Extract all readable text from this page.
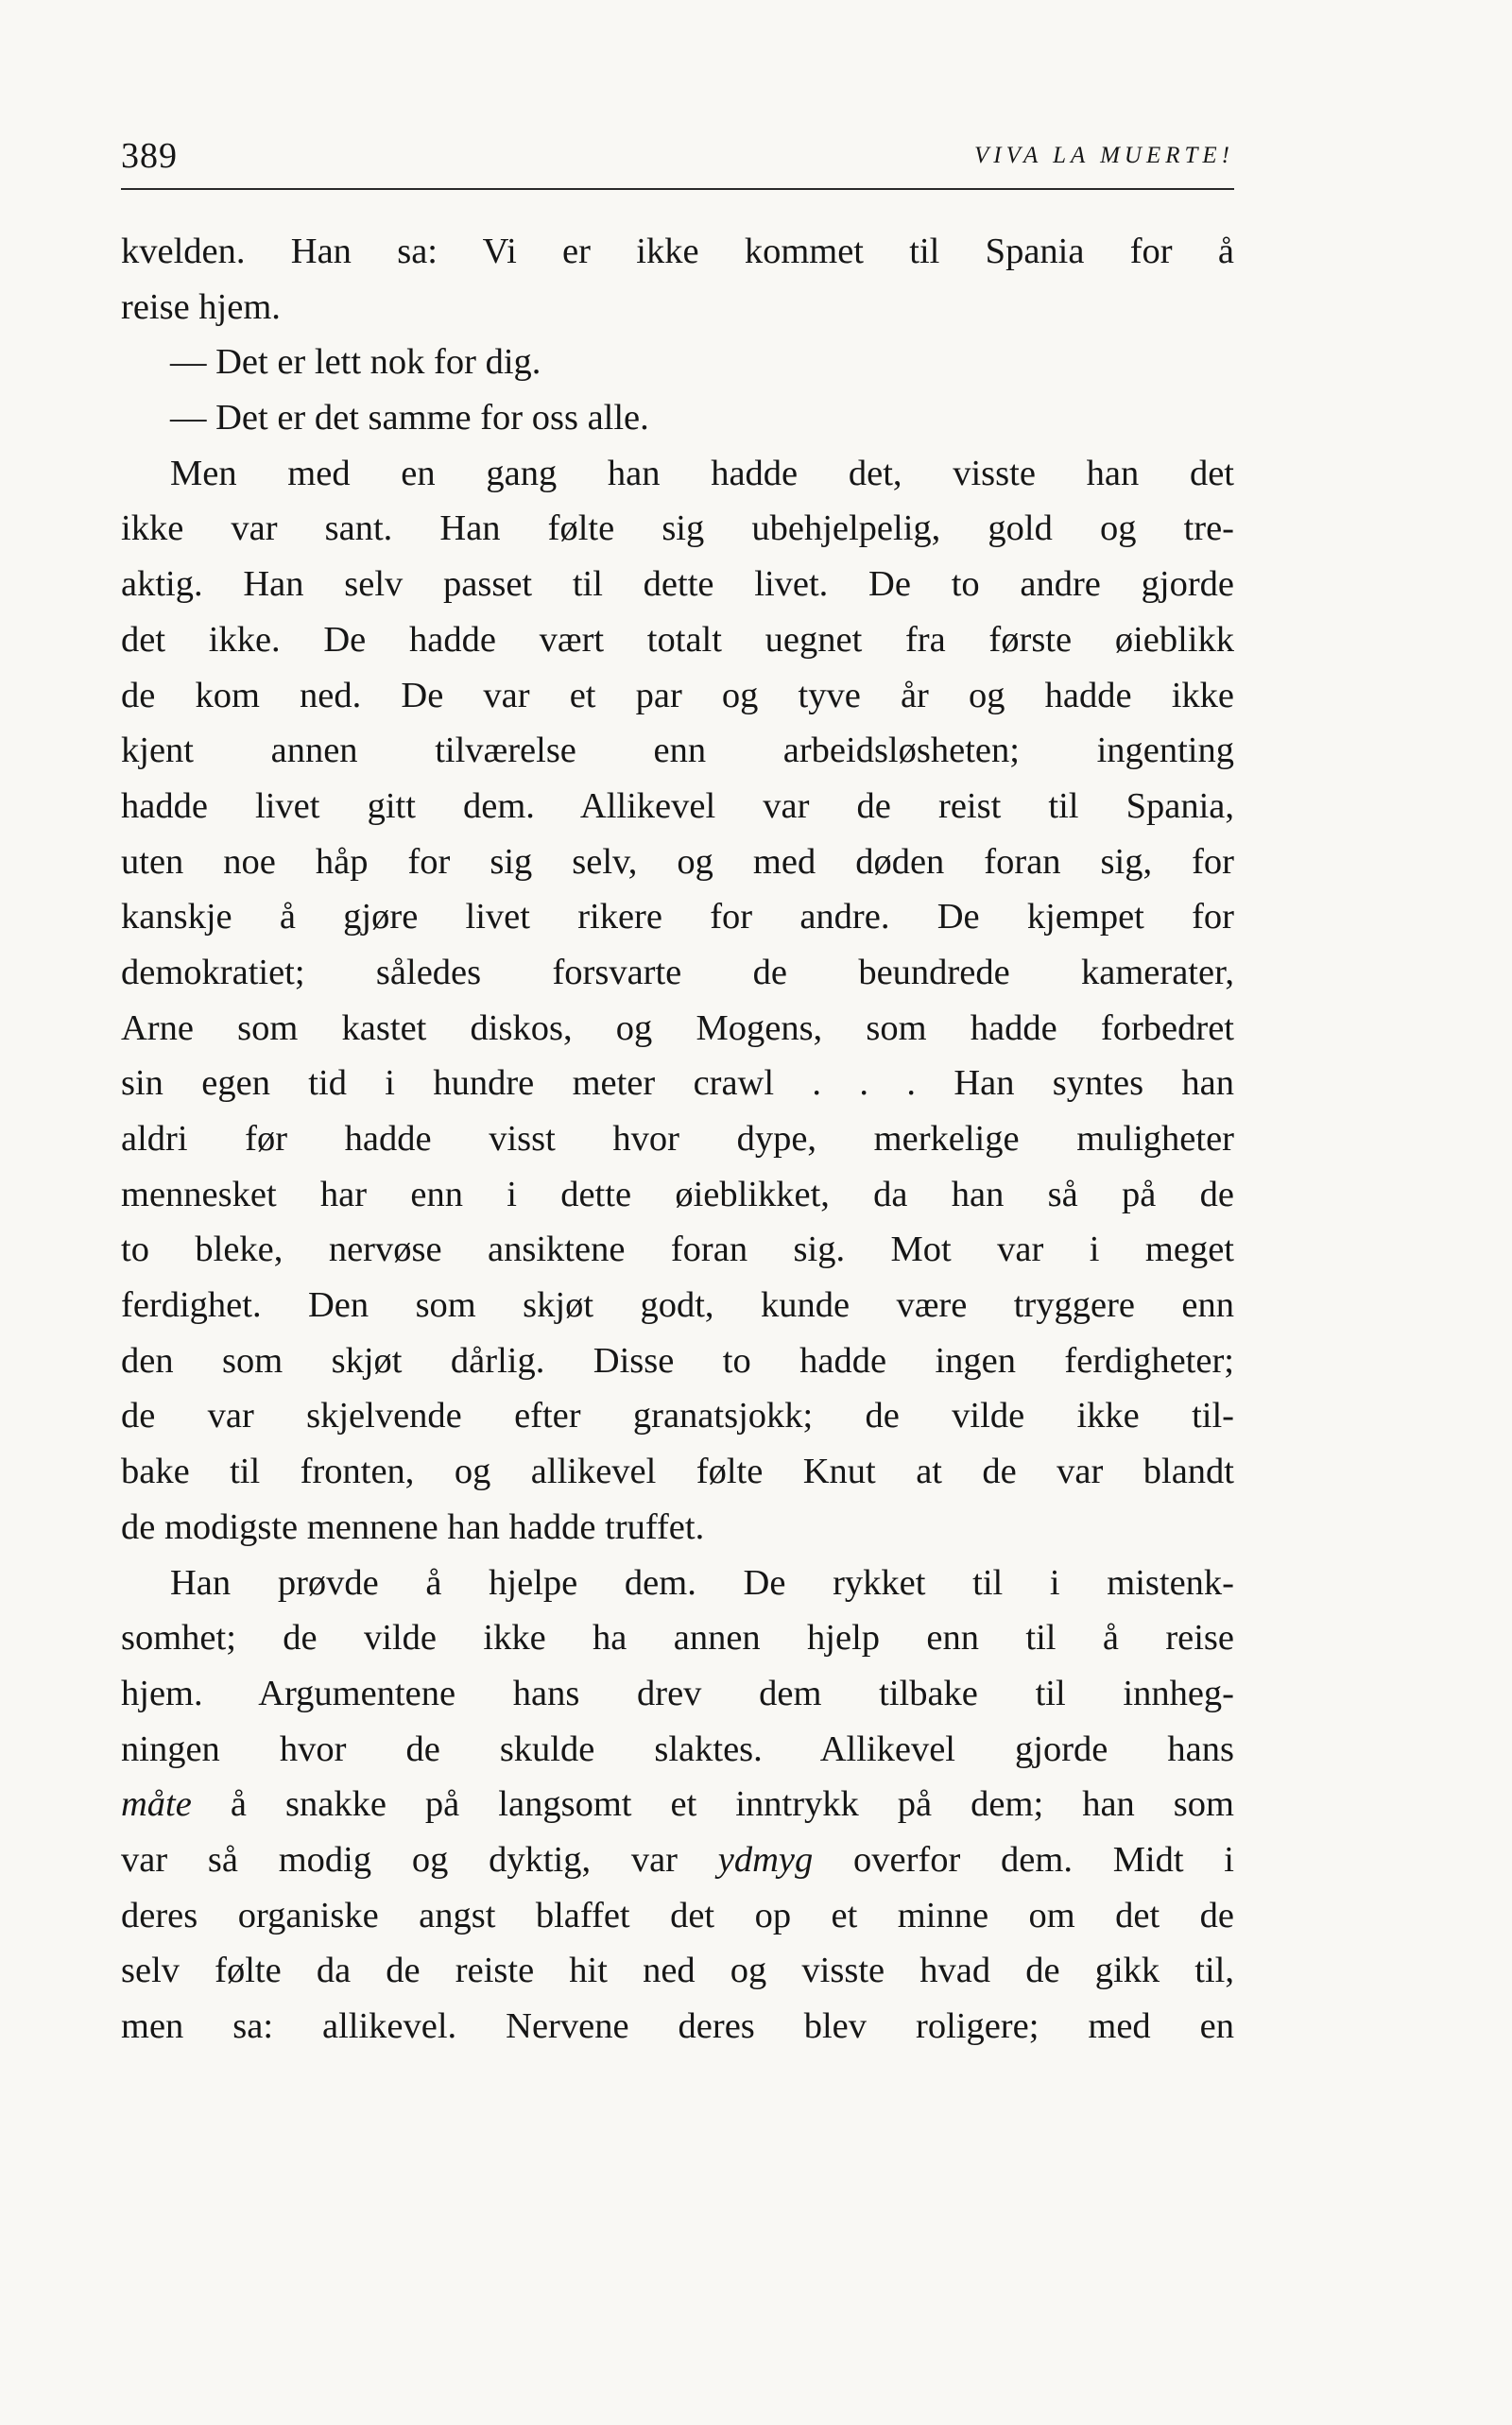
389	VIVA LA MUERTE!
kvelden. Han sa: Vi er ikke kommet til Spania for å
reise hjem.
— Det er lett nok for dig.
— Det er det samme for oss alle.
Men med en gang han hadde det, visste han det
ikke var sant. Han følte sig ubehjelpelig, gold og tre-
aktig. Han selv passet til dette livet. De to andre gjorde
det ikke. De hadde vært totalt uegnet fra første øieblikk
de kom ned. De var et par og tyve år og hadde ikke
kjent annen tilværelse enn arbeidsløsheten; ingenting
hadde livet gitt dem. Allikevel var de reist til Spania,
uten noe håp for sig selv, og med døden foran sig, for
kanskje å gjøre livet rikere for andre. De kjempet for
demokratiet; således forsvarte de beundrede kamerater,
Arne som kastet diskos, og Mogens, som hadde forbedret
sin egen tid i hundre meter crawl . . . Han syntes han
aldri før hadde visst hvor dype, merkelige muligheter
mennesket har enn i dette øieblikket, da han så på de
to bleke, nervøse ansiktene foran sig. Mot var i meget
ferdighet. Den som skjøt godt, kunde være tryggere enn
den som skjøt dårlig. Disse to hadde ingen ferdigheter;
de var skjelvende efter granatsjokk; de vilde ikke til-
bake til fronten, og allikevel følte Knut at de var blandt
de modigste mennene han hadde truffet.
Han prøvde å hjelpe dem. De rykket til i mistenk-
somhet; de vilde ikke ha annen hjelp enn til å reise
hjem. Argumentene hans drev dem tilbake til innheg-
ningen hvor de skulde slaktes. Allikevel gjorde hans
måte å snakke på langsomt et inntrykk på dem; han som
var så modig og dyktig, var ydmyg overfor dem. Midt i
deres organiske angst blaffet det op et minne om det de
selv følte da de reiste hit ned og visste hvad de gikk til,
men sa: allikevel. Nervene deres blev roligere; med en
